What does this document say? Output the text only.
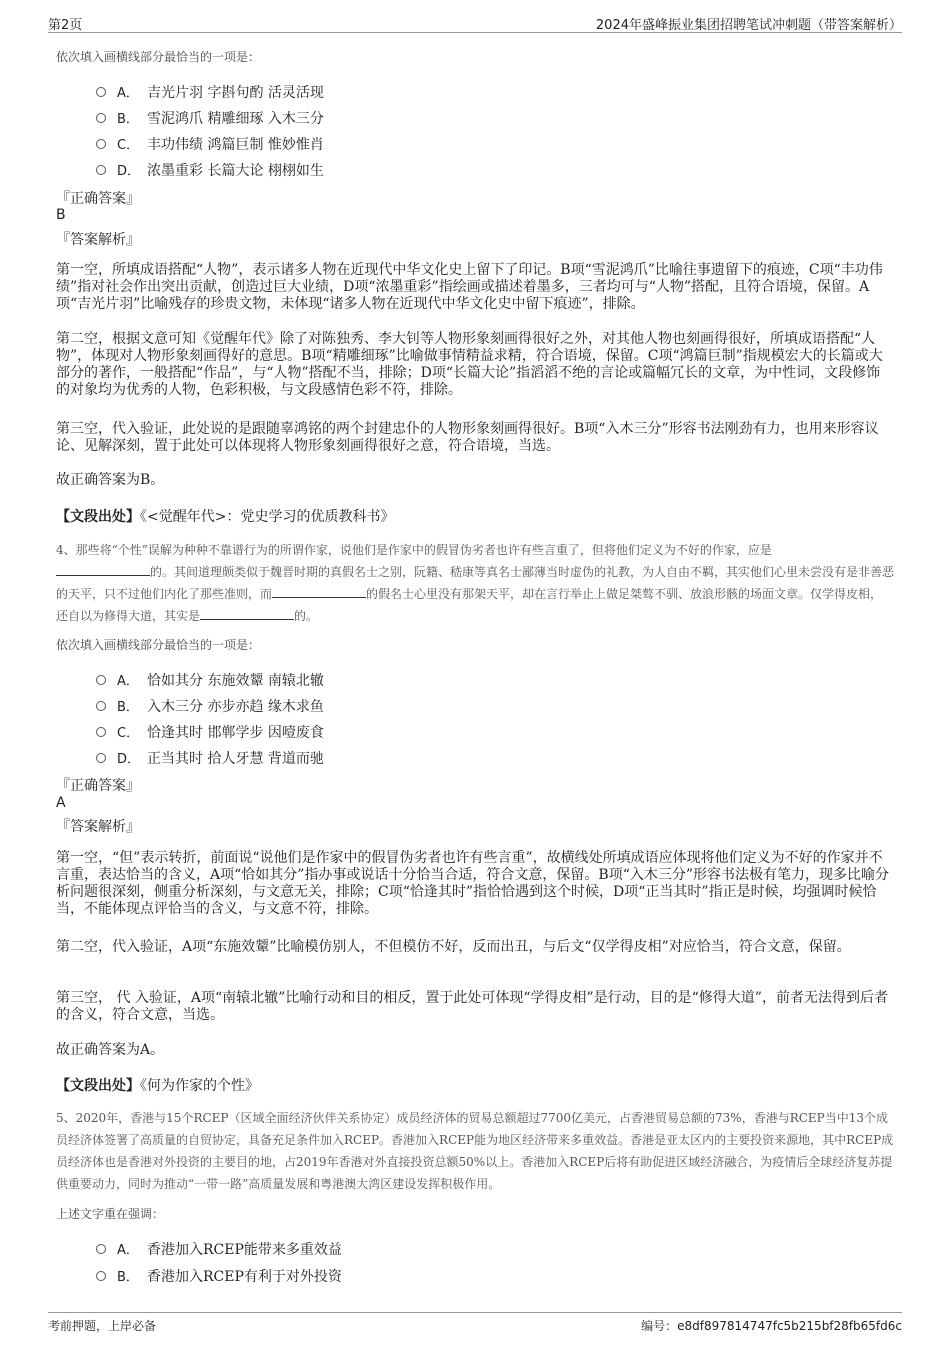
第2页	2024年盛峰振业集团招聘笔试冲刺题（带答案解析）
依次填入画横线部分最恰当的一项是：
A． 吉光片羽 字斟句酌 活灵活现
B． 雪泥鸿爪 精雕细琢 入木三分
C． 丰功伟绩 鸿篇巨制 惟妙惟肖
D． 浓墨重彩 长篇大论 栩栩如生
『正确答案』
B
『答案解析』
第一空，所填成语搭配“人物”，表示诸多人物在近现代中华文化史上留下了印记。B项“雪泥鸿爪”比喻往事遗留下的痕迹，C项“丰功伟绩”指对社会作出突出贡献，创造过巨大业绩，D项“浓墨重彩”指绘画或描述着墨多，三者均可与“人物”搭配，且符合语境，保留。A项“吉光片羽”比喻残存的珍贵文物，未体现“诸多人物在近现代中华文化史中留下痕迹”，排除。
第二空，根据文意可知《觉醒年代》除了对陈独秀、李大钊等人物形象刻画得很好之外，对其他人物也刻画得很好，所填成语搭配“人物”，体现对人物形象刻画得好的意思。B项“精雕细琢”比喻做事情精益求精，符合语境，保留。C项“鸿篇巨制”指规模宏大的长篇或大部分的著作，一般搭配“作品”，与“人物”搭配不当，排除；D项“长篇大论”指滔滔不绝的言论或篇幅冗长的文章，为中性词，文段修饰的对象均为优秀的人物，色彩积极，与文段感情色彩不符，排除。
第三空，代入验证，此处说的是跟随辜鸿铭的两个封建忠仆的人物形象刻画得很好。B项“入木三分”形容书法刚劲有力，也用来形容议论、见解深刻，置于此处可以体现将人物形象刻画得很好之意，符合语境，当选。
故正确答案为B。
【文段出处】《<觉醒年代>：党史学习的优质教科书》
4、那些将“个性”误解为种种不靠谱行为的所谓作家，说他们是作家中的假冒伪劣者也许有些言重了，但将他们定义为不好的作家，应是
的。其间道理颇类似于魏晋时期的真假名士之别，阮籍、嵇康等真名士鄙薄当时虚伪的礼教，为人自由不羁，其实他们心里未尝没有是非善恶的天平，只不过他们内化了那些准则，而	的假名士心里没有那架天平，却在言行举止上做足桀骜不驯、放浪形骸的场面文章。仅学得皮相，还自以为修得大道，其实是	的。
依次填入画横线部分最恰当的一项是：
A． 恰如其分 东施效颦 南辕北辙
B． 入木三分 亦步亦趋 缘木求鱼
C． 恰逢其时 邯郸学步 因噎废食
D． 正当其时 拾人牙慧 背道而驰
『正确答案』
A
『答案解析』
第一空，“但”表示转折，前面说“说他们是作家中的假冒伪劣者也许有些言重”，故横线处所填成语应体现将他们定义为不好的作家并不言重，表达恰当的含义，A项“恰如其分”指办事或说话十分恰当合适，符合文意，保留。B项“入木三分”形容书法极有笔力，现多比喻分析问题很深刻，侧重分析深刻，与文意无关，排除；C项“恰逢其时”指恰恰遇到这个时候，D项“正当其时”指正是时候，均强调时候恰当，不能体现点评恰当的含义，与文意不符，排除。
第二空，代入验证，A项“东施效颦”比喻模仿别人，不但模仿不好，反而出丑，与后文“仅学得皮相”对应恰当，符合文意，保留。
第三空， 代 入验证，A项“南辕北辙”比喻行动和目的相反，置于此处可体现“学得皮相”是行动，目的是“修得大道”，前者无法得到后者的含义，符合文意，当选。
故正确答案为A。
【文段出处】《何为作家的个性》
5、2020年，香港与15个RCEP（区域全面经济伙伴关系协定）成员经济体的贸易总额超过7700亿美元，占香港贸易总额的73%，香港与RCEP当中13个成员经济体签署了高质量的自贸协定，具备充足条件加入RCEP。香港加入RCEP能为地区经济带来多重效益。香港是亚太区内的主要投资来源地，其中RCEP成员经济体也是香港对外投资的主要目的地，占2019年香港对外直接投资总额50%以上。香港加入RCEP后将有助促进区域经济融合，为疫情后全球经济复苏提供重要动力，同时为推动“一带一路”高质量发展和粤港澳大湾区建设发挥积极作用。
上述文字重在强调：
A． 香港加入RCEP能带来多重效益
B． 香港加入RCEP有利于对外投资
考前押题，上岸必备	编号：e8df897814747fc5b215bf28fb65fd6c
